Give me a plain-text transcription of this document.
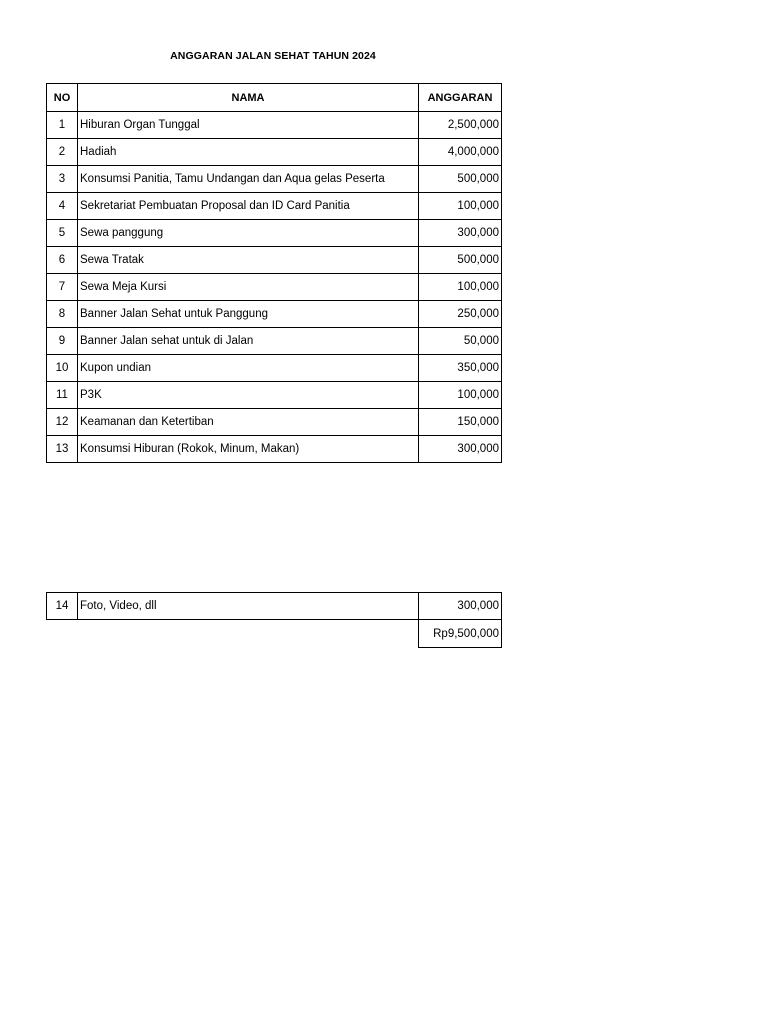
ANGGARAN JALAN SEHAT TAHUN 2024
NO	NAMA	ANGGARAN
1	Hiburan Organ Tunggal	2,500,000
2	Hadiah	4,000,000
3	Konsumsi Panitia, Tamu Undangan dan Aqua gelas Peserta	500,000
4	Sekretariat Pembuatan Proposal dan ID Card Panitia	100,000
5	Sewa panggung	300,000
6	Sewa Tratak	500,000
7	Sewa Meja Kursi	100,000
8	Banner Jalan Sehat untuk Panggung	250,000
9	Banner Jalan sehat untuk di Jalan	50,000
10	Kupon undian	350,000
11	P3K	100,000
12	Keamanan dan Ketertiban	150,000
13	Konsumsi Hiburan (Rokok, Minum, Makan)	300,000
14	Foto, Video, dll	300,000
		Rp9,500,000
